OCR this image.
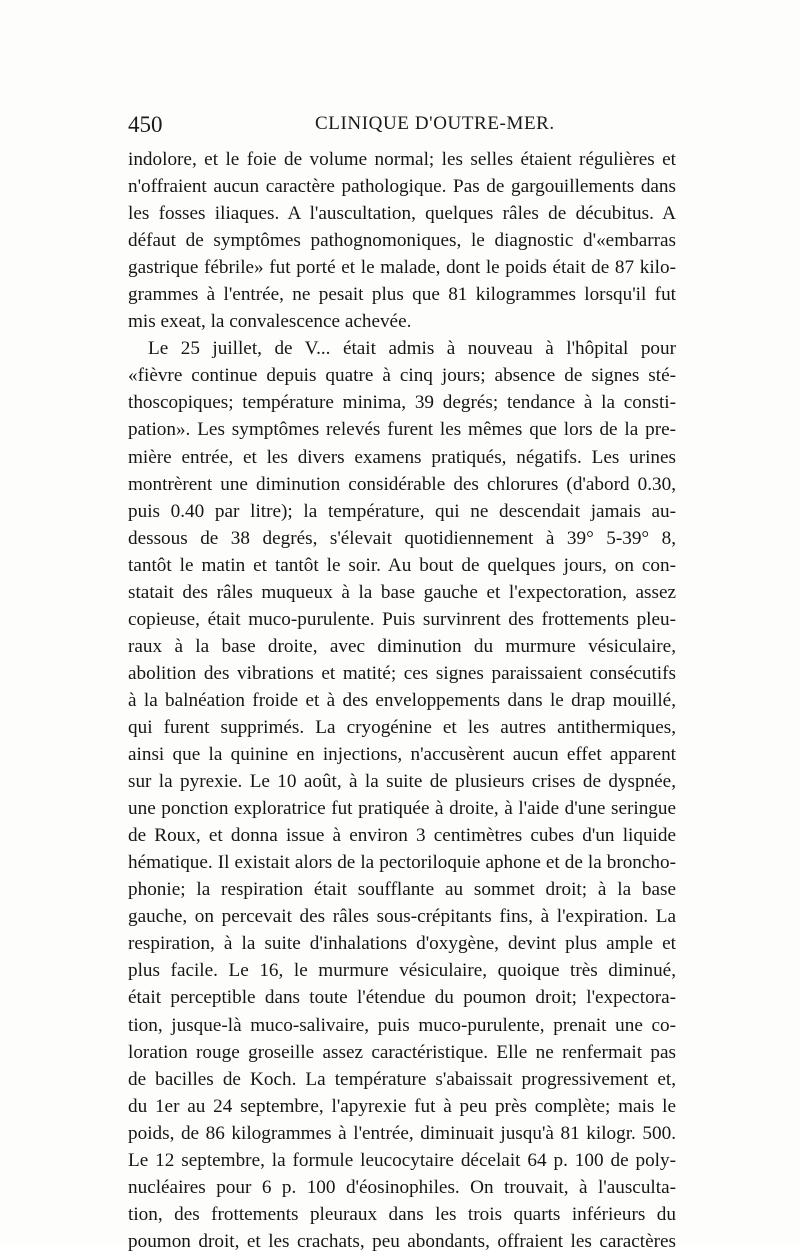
450	CLINIQUE D'OUTRE-MER.
indolore, et le foie de volume normal; les selles étaient régulières et
n'offraient aucun caractère pathologique. Pas de gargouillements dans
les fosses iliaques. A l'auscultation, quelques râles de décubitus. A
défaut de symptômes pathognomoniques, le diagnostic d'«embarras
gastrique fébrile» fut porté et le malade, dont le poids était de 87 kilo-
grammes à l'entrée, ne pesait plus que 81 kilogrammes lorsqu'il fut
mis exeat, la convalescence achevée.
Le 25 juillet, de V... était admis à nouveau à l'hôpital pour
«fièvre continue depuis quatre à cinq jours; absence de signes sté-
thoscopiques; température minima, 39 degrés; tendance à la consti-
pation». Les symptômes relevés furent les mêmes que lors de la pre-
mière entrée, et les divers examens pratiqués, négatifs. Les urines
montrèrent une diminution considérable des chlorures (d'abord 0.30,
puis 0.40 par litre); la température, qui ne descendait jamais au-
dessous de 38 degrés, s'élevait quotidiennement à 39° 5-39° 8,
tantôt le matin et tantôt le soir. Au bout de quelques jours, on con-
statait des râles muqueux à la base gauche et l'expectoration, assez
copieuse, était muco-purulente. Puis survinrent des frottements pleu-
raux à la base droite, avec diminution du murmure vésiculaire,
abolition des vibrations et matité; ces signes paraissaient consécutifs
à la balnéation froide et à des enveloppements dans le drap mouillé,
qui furent supprimés. La cryogénine et les autres antithermiques,
ainsi que la quinine en injections, n'accusèrent aucun effet apparent
sur la pyrexie. Le 10 août, à la suite de plusieurs crises de dyspnée,
une ponction exploratrice fut pratiquée à droite, à l'aide d'une seringue
de Roux, et donna issue à environ 3 centimètres cubes d'un liquide
hématique. Il existait alors de la pectoriloquie aphone et de la broncho-
phonie; la respiration était soufflante au sommet droit; à la base
gauche, on percevait des râles sous-crépitants fins, à l'expiration. La
respiration, à la suite d'inhalations d'oxygène, devint plus ample et
plus facile. Le 16, le murmure vésiculaire, quoique très diminué,
était perceptible dans toute l'étendue du poumon droit; l'expectora-
tion, jusque-là muco-salivaire, puis muco-purulente, prenait une co-
loration rouge groseille assez caractéristique. Elle ne renfermait pas
de bacilles de Koch. La température s'abaissait progressivement et,
du 1er au 24 septembre, l'apyrexie fut à peu près complète; mais le
poids, de 86 kilogrammes à l'entrée, diminuait jusqu'à 81 kilogr. 500.
Le 12 septembre, la formule leucocytaire décelait 64 p. 100 de poly-
nucléaires pour 6 p. 100 d'éosinophiles. On trouvait, à l'ausculta-
tion, des frottements pleuraux dans les trois quarts inférieurs du
poumon droit, et les crachats, peu abondants, offraient les caractères
